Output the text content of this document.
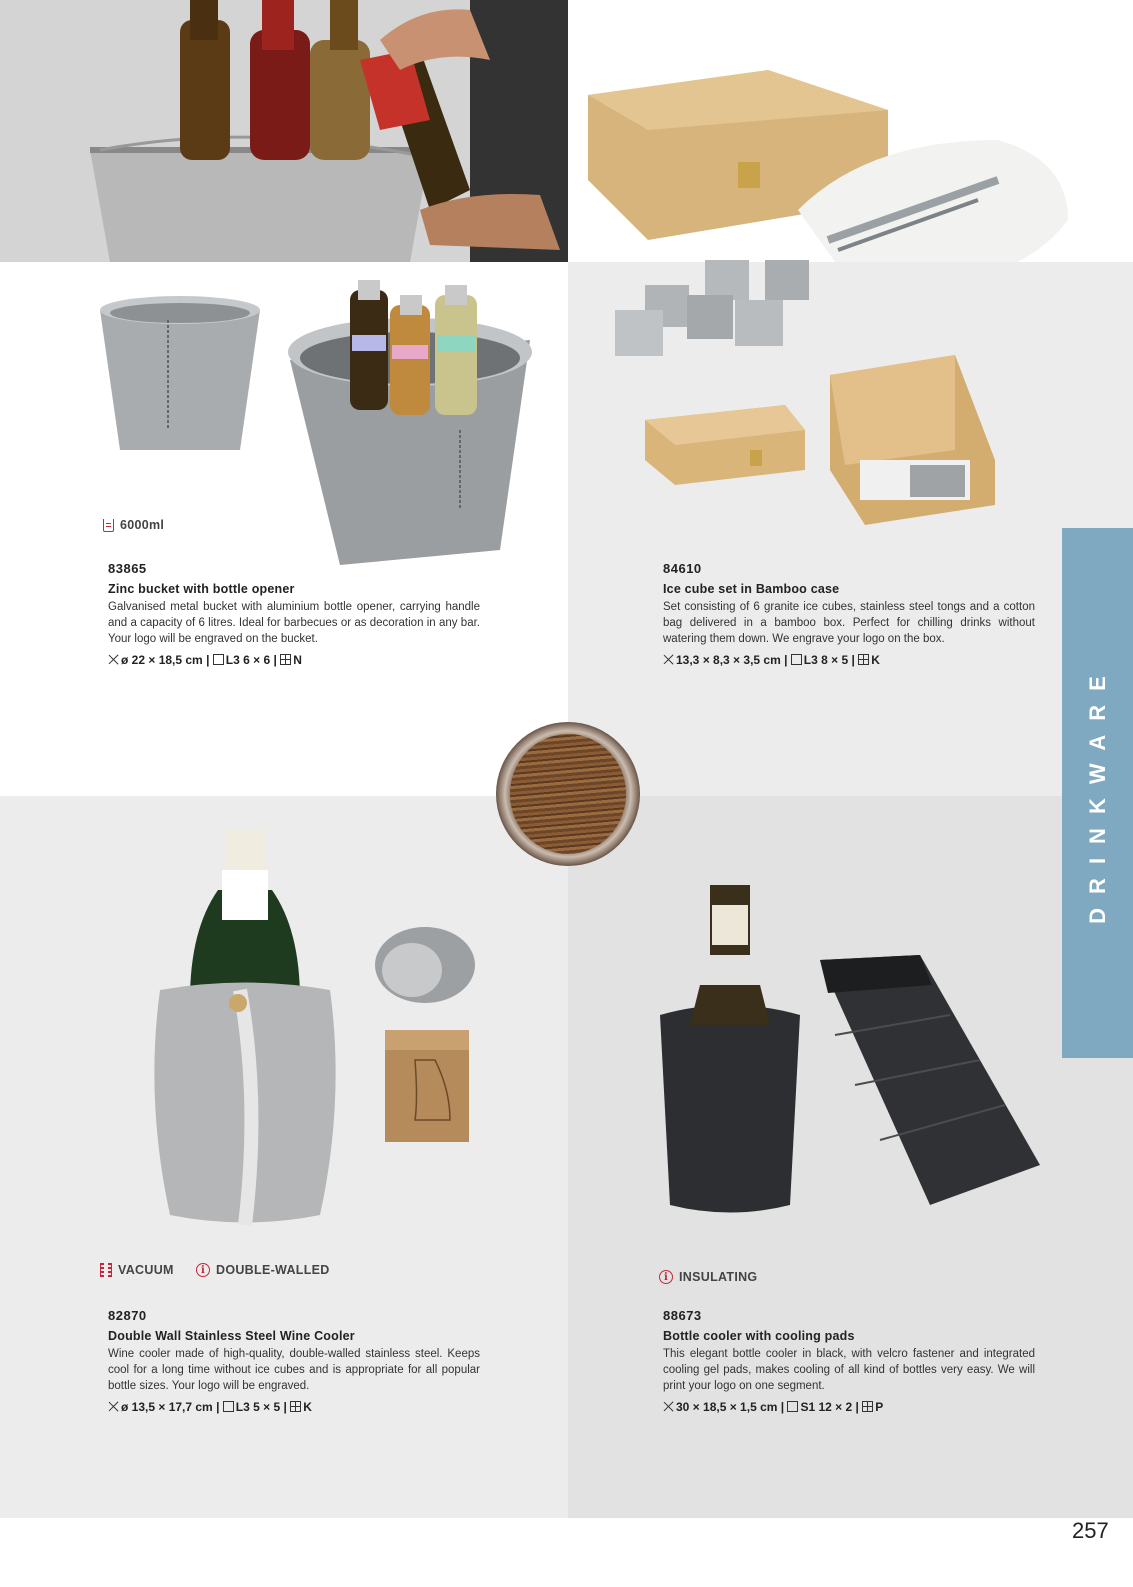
6000ml
83865
Zinc bucket with bottle opener
Galvanised metal bucket with aluminium bottle opener, carrying handle and a capacity of 6 litres. Ideal for barbecues or as decoration in any bar. Your logo will be engraved on the bucket.
ø 22 × 18,5 cm | L3 6 × 6 | N
84610
Ice cube set in Bamboo case
Set consisting of 6 granite ice cubes, stainless steel tongs and a cotton bag delivered in a bamboo box. Perfect for chilling drinks without watering them down. We engrave your logo on the box.
13,3 × 8,3 × 3,5 cm | L3 8 × 5 | K
VACUUM	i DOUBLE-WALLED
82870
Double Wall Stainless Steel Wine Cooler
Wine cooler made of high-quality, double-walled stainless steel. Keeps cool for a long time without ice cubes and is appropriate for all popular bottle sizes. Your logo will be engraved.
ø 13,5 × 17,7 cm | L3 5 × 5 | K
i INSULATING
88673
Bottle cooler with cooling pads
This elegant bottle cooler in black, with velcro fastener and integrated cooling gel pads, makes cooling of all kind of bottles very easy. We will print your logo on one segment.
30 × 18,5 × 1,5 cm | S1 12 × 2 | P
DRINKWARE
257
